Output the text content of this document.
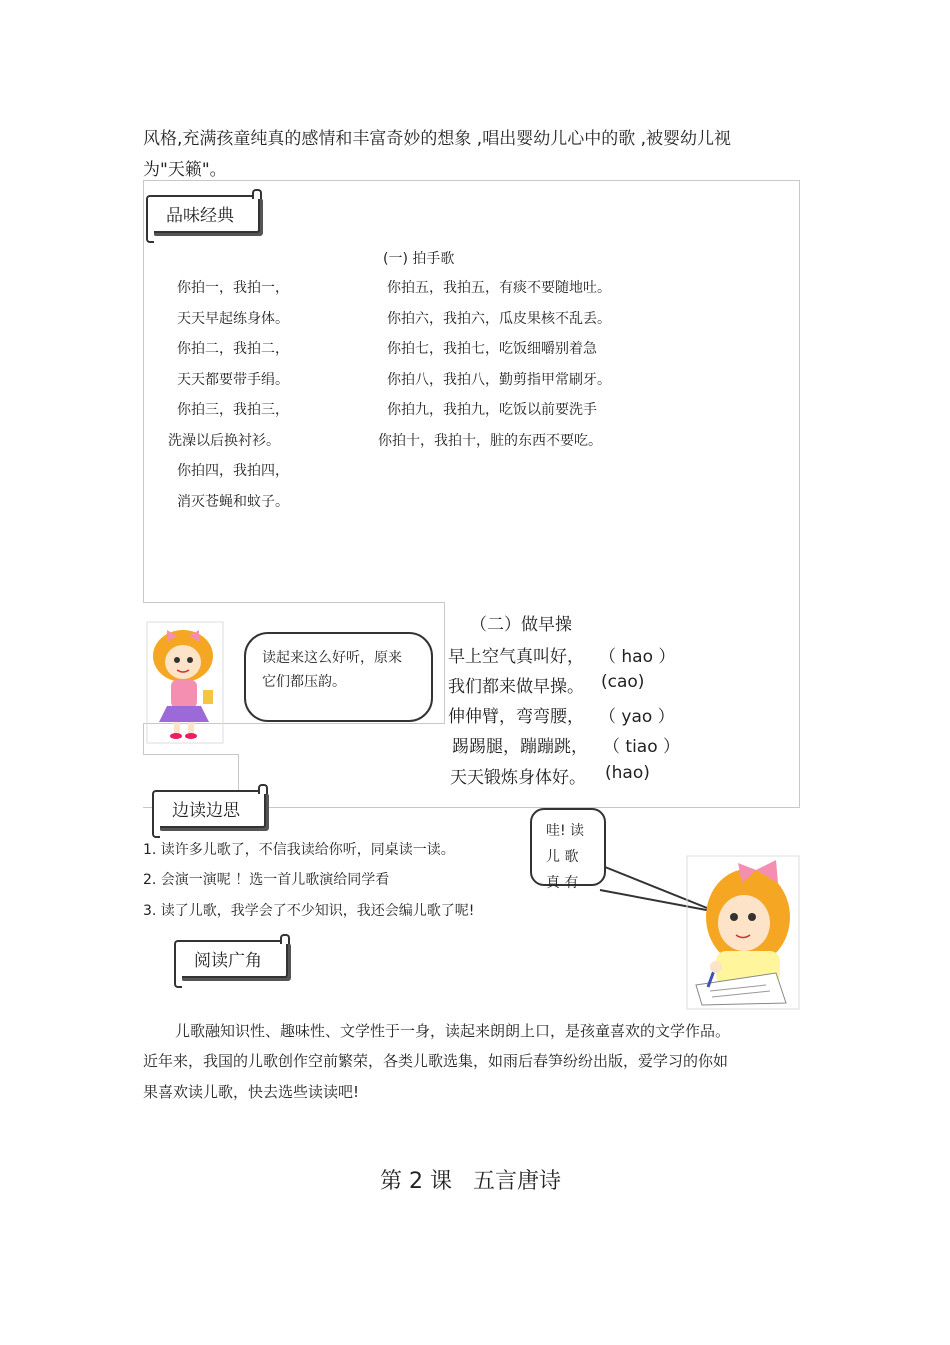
风格,充满孩童纯真的感情和丰富奇妙的想象 ,唱出婴幼儿心中的歌 ,被婴幼儿视
为"天籁"。
品味经典
(一) 拍手歌
你拍一，我拍一，
天天早起练身体。
你拍二，我拍二，
天天都要带手绢。
你拍三，我拍三，
洗澡以后换衬衫。
你拍四，我拍四，
消灭苍蝇和蚊子。
你拍五，我拍五，有痰不要随地吐。
你拍六，我拍六，瓜皮果核不乱丢。
你拍七，我拍七，吃饭细嚼别着急
你拍八，我拍八，勤剪指甲常刷牙。
你拍九，我拍九，吃饭以前要洗手
你拍十，我拍十，脏的东西不要吃。
读起来这么好听，原来它们都压韵。
（二）做早操
早上空气真叫好， （ hao ）
我们都来做早操。 (cao)
伸伸臂，弯弯腰， （ yao ）
踢踢腿，蹦蹦跳， （ tiao ）
天天锻炼身体好。 (hao)
边读边思
1. 读许多儿歌了，不信我读给你听，同桌读一读。
2. 会演一演呢 ！选一首儿歌演给同学看
3. 读了儿歌，我学会了不少知识，我还会编儿歌了呢!
哇! 读
儿 歌
真 有
阅读广角
儿歌融知识性、趣味性、文学性于一身，读起来朗朗上口，是孩童喜欢的文学作品。
近年来，我国的儿歌创作空前繁荣，各类儿歌选集，如雨后春笋纷纷出版，爱学习的你如
果喜欢读儿歌，快去选些读读吧!
第 2 课   五言唐诗
